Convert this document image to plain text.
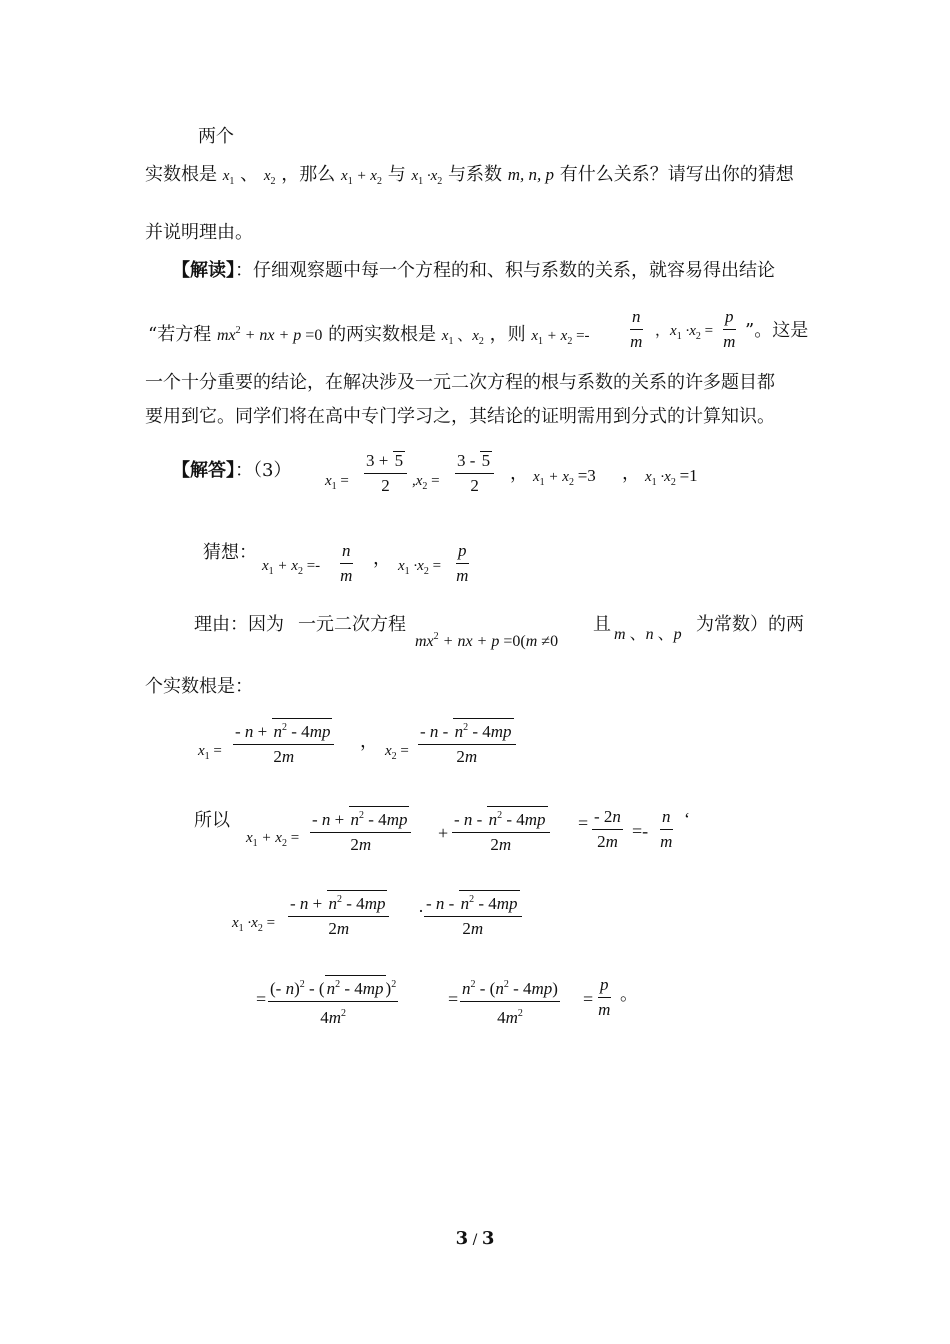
两个
实数根是 $x_1$ 、 $x_2$ ，那么 $x_1 + x_2$ 与 $x_1 \cdot x_2$ 与系数 m, n, p 有什么关系？请写出你的猜想
并说明理由。
【解读】：仔细观察题中每一个方程的和、积与系数的关系，就容易得出结论
“若方程 $mx^2$ + nx + p =0 的两实数根是 $x_1$ 、$x_2$ ，则 $x_1 + x_2 =- \frac{n}{m}$ ，$x_1 \cdot x_2 = \frac{p}{m}$ ”。这是
一个十分重要的结论，在解决涉及一元二次方程的根与系数的关系的许多题目都
要用到它。同学们将在高中专门学习之，其结论的证明需用到分式的计算知识。
【解答】：（3） $x_1 = \frac{3 + 5}{2} ,x_2 = \frac{3 - 5}{2}$ ， $x_1 + x_2 =3$ ， $x_1 \cdot x_2 =1$
猜想：
$x_1 + x_2 =- \frac{n}{m}$ ， $x_1 \cdot x_2 = \frac{p}{m}$
理由：因为 一元二次方程
$mx^2$ + nx + p =0(m ≠0
且 m 、n 、p 为常数）的两
个实数根是：
$x_1 = \frac{- n + n^2 - 4mp}{2m}$ ， $x_2 = \frac{- n - n^2 - 4mp}{2m}$
所以
$x_1 + x_2 = \frac{- n + n^2 - 4mp}{2m} + \frac{- n - n^2 - 4mp}{2m} = \frac{- 2n}{2m} =- \frac{n}{m}$ ‘
$x_1 \cdot x_2 = \frac{- n + n^2 - 4mp}{2m} \cdot \frac{- n - n^2 - 4mp}{2m}$
= $\frac{(- n)^2 - ( n^2 - 4mp )^2}{4m^2}$	= $\frac{n^2 - (n^2 - 4mp)}{4m^2} = \frac{p}{m}$ 。
3 / 3
